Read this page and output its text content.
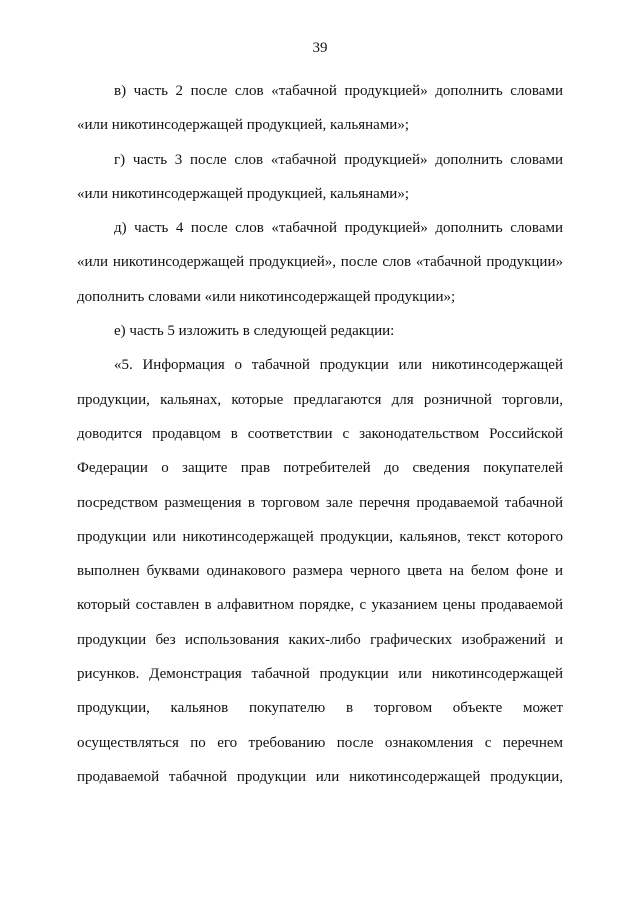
39

в) часть 2 после слов «табачной продукцией» дополнить словами «или никотинсодержащей продукцией, кальянами»;

г) часть 3 после слов «табачной продукцией» дополнить словами «или никотинсодержащей продукцией, кальянами»;

д) часть 4 после слов «табачной продукцией» дополнить словами «или никотинсодержащей продукцией», после слов «табачной продукции» дополнить словами «или никотинсодержащей продукции»;

е) часть 5 изложить в следующей редакции:

«5. Информация о табачной продукции или никотинсодержащей продукции, кальянах, которые предлагаются для розничной торговли, доводится продавцом в соответствии с законодательством Российской Федерации о защите прав потребителей до сведения покупателей посредством размещения в торговом зале перечня продаваемой табачной продукции или никотинсодержащей продукции, кальянов, текст которого выполнен буквами одинакового размера черного цвета на белом фоне и который составлен в алфавитном порядке, с указанием цены продаваемой продукции без использования каких-либо графических изображений и рисунков. Демонстрация табачной продукции или никотинсодержащей продукции, кальянов покупателю в торговом объекте может осуществляться по его требованию после ознакомления с перечнем продаваемой табачной продукции или никотинсодержащей продукции,
